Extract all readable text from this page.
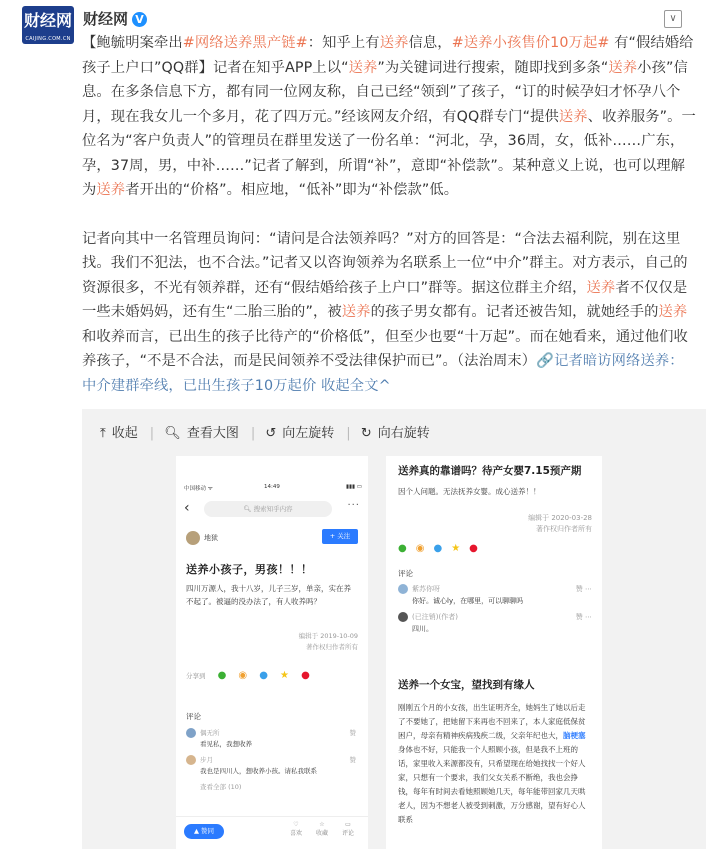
财经网
CAIJING.COM.CN
财经网 V	∨

【鲍毓明案牵出#网络送养黑产链#：知乎上有送养信息，#送养小孩售价10万起# 有“假结婚给孩子上户口”QQ群】记者在知乎APP上以“送养”为关键词进行搜索，随即找到多条“送养小孩”信息。在多条信息下方，都有同一位网友称，自己已经“领到”了孩子，“订的时候孕妇才怀孕八个月，现在我女儿一个多月，花了四万元。”经该网友介绍，有QQ群专门“提供送养、收养服务”。一位名为“客户负责人”的管理员在群里发送了一份名单：“河北，孕，36周，女，低补……广东，孕，37周，男，中补……”记者了解到，所谓“补”，意即“补偿款”。某种意义上说，也可以理解为送养者开出的“价格”。相应地，“低补”即为“补偿款”低。

记者向其中一名管理员询问：“请问是合法领养吗？”对方的回答是：“合法去福利院，别在这里找。我们不犯法，也不合法。”记者又以咨询领养为名联系上一位“中介”群主。对方表示，自己的资源很多，不光有领养群，还有“假结婚给孩子上户口”群等。据这位群主介绍，送养者不仅仅是一些未婚妈妈，还有生“二胎三胎的”，被送养的孩子男女都有。记者还被告知，就她经手的送养和收养而言，已出生的孩子比待产的“价格低”，但至少也要“十万起”。而在她看来，通过他们收养孩子，“不是不合法，而是民间领养不受法律保护而已”。（法治周末）🔗记者暗访网络送养：中介建群牵线，已出生孩子10万起价 收起全文^

⤒ 收起 | 🔍︎ 查看大图 | ↺ 向左旋转 | ↻ 向右旋转
中国移动 ᯤ	14:49	▮▮▮ ▭
‹	🔍︎ 搜索知乎内容	···
地狱	+ 关注
送养小孩子，男孩！！！
四川万源人，我十八岁，儿子三岁，单亲，实在养不起了。被逼的没办法了，有人收养吗？
编辑于 2019-10-09
著作权归作者所有
分享到 ● ◉ ● ★ ●
评论
偶无所	赞
看见私，我想收养
步月	赞
我也是四川人，想收养小孩。请私我联系
查看全部 (10)
▲ 赞同
♡
喜欢
☆
收藏
▭
评论
送养真的靠谱吗？待产女婴7.15预产期
因个人问题。无法抚养女婴。成心送养！！
编辑于 2020-03-28
著作权归作者所有
●◉●★●
评论
紫苏你呀	赞 ⋯
你好。诚心ly，在哪里，可以聊聊吗
(已注销)(作者)	赞 ⋯
四川。
送养一个女宝，望找到有缘人
刚刚五个月的小女孩，出生证明齐全，她妈生了她以后走了不要她了，把她留下来再也不回来了，本人家庭低保贫困户，母亲有精神疾病残疾二级，父亲年纪也大，脑梗塞身体也不好，只能我一个人照顾小孩，但是我不上班的话，家里收入来源都没有，只希望现在给她找找一个好人家，只想有一个要求，我们父女关系不断绝，我也会挣钱，每年有时间去看她照顾她几天，每年能带回家几天哄老人，因为不想老人被受到刺激，万分感谢，望有好心人联系
